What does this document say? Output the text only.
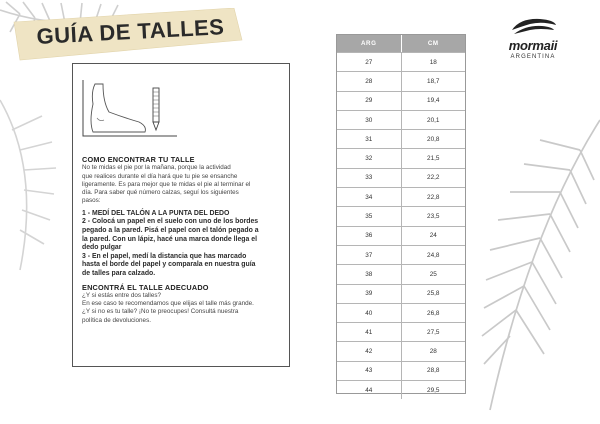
GUÍA DE TALLES

COMO ENCONTRAR TU TALLE

No te midas el pie por la mañana, porque la actividad

que realices durante el día hará que tu pie se ensanche

ligeramente. Es para mejor que te midas el pie al terminar el

día. Para saber qué número calzas, seguí los siguientes

pasos:

1 - MEDÍ DEL TALÓN A LA PUNTA DEL DEDO

2 - Colocá un papel en el suelo con uno de los bordes

pegado a la pared. Pisá el papel con el talón pegado a

la pared. Con un lápiz, hacé una marca donde llega el

dedo pulgar

3 - En el papel, medí la distancia que has marcado

hasta el borde del papel y comparala en nuestra guía

de talles para calzado.

ENCONTRÁ EL TALLE ADECUADO

¿Y si estás entre dos talles?

En ese caso te recomendamos que elijas el talle más grande.

¿Y si no es tu talle? ¡No te preocupes! Consultá nuestra

política de devoluciones.

ARG	CM
27	18
28	18,7
29	19,4
30	20,1
31	20,8
32	21,5
33	22,2
34	22,8
35	23,5
36	24
37	24,8
38	25
39	25,8
40	26,8
41	27,5
42	28
43	28,8
44	29,5
mormaii
ARGENTINA
